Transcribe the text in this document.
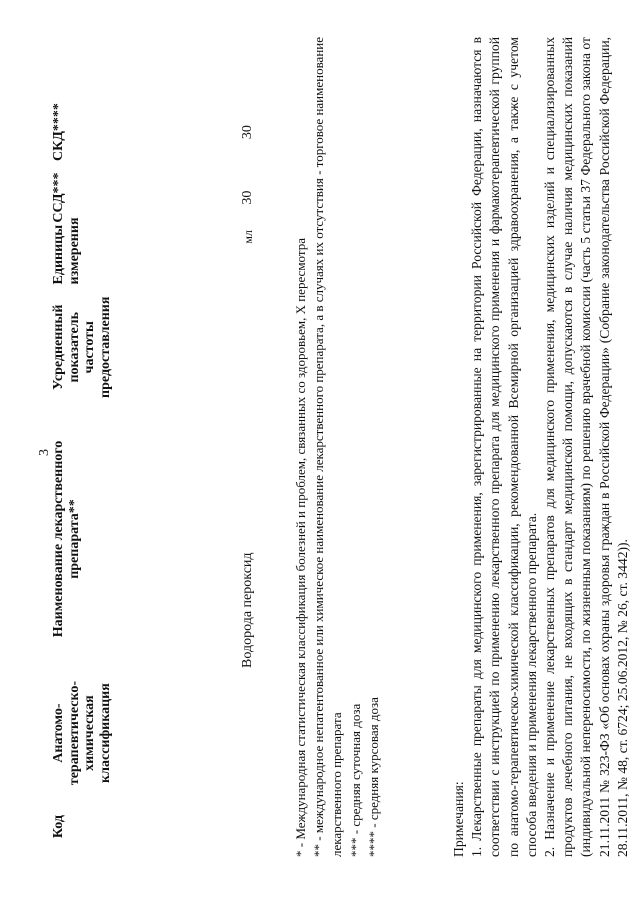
3
Код	Анатомо-терапевтическо-химическая классификация	Наименование лекарственного препарата**	Усредненный показатель частоты предоставления	Единицы измерения	ССД***	СКД****
		Водорода пероксид		мл	30	30

* - Международная статистическая классификация болезней и проблем, связанных со здоровьем, X пересмотра ** - международное непатентованное или химическое наименование лекарственного препарата, а в случаях их отсутствия - торговое наименование лекарственного препарата *** - средняя суточная доза **** - средняя курсовая доза	Примечания: 1. Лекарственные препараты для медицинского применения, зарегистрированные на территории Российской Федерации, назначаются в соответствии с инструкцией по применению лекарственного препарата для медицинского применения и фармакотерапевтической группой по анатомо-терапевтическо-химической классификации, рекомендованной Всемирной организацией здравоохранения, а также с учетом способа введения и применения лекарственного препарата. 2. Назначение и применение лекарственных препаратов для медицинского применения, медицинских изделий и специализированных продуктов лечебного питания, не входящих в стандарт медицинской помощи, допускаются в случае наличия медицинских показаний (индивидуальной непереносимости, по жизненным показаниям) по решению врачебной комиссии (часть 5 статьи 37 Федерального закона от 21.11.2011 № 323-ФЗ «Об основах охраны здоровья граждан в Российской Федерации» (Собрание законодательства Российской Федерации, 28.11.2011, № 48, ст. 6724; 25.06.2012, № 26, ст. 3442)).
